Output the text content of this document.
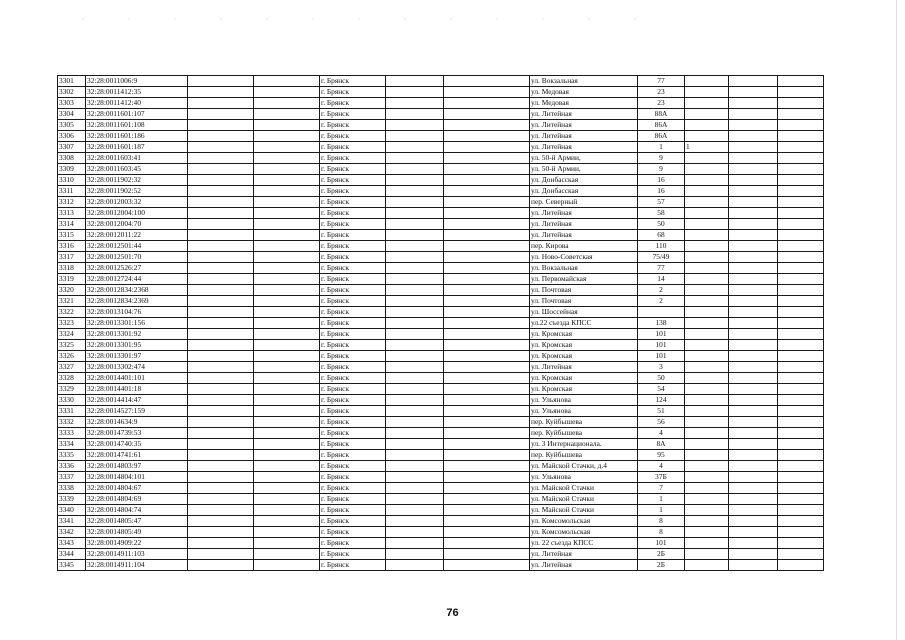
3301	32:28:0011006:9			г. Брянск			ул. Вокзальная	77			
3302	32:28:0011412:35			г. Брянск			ул. Медовая	23			
3303	32:28:0011412:40			г. Брянск			ул. Медовая	23			
3304	32:28:0011601:107			г. Брянск			ул. Литейная	88А			
3305	32:28:0011601:108			г. Брянск			ул. Литейная	86А			
3306	32:28:0011601:186			г. Брянск			ул. Литейная	86А			
3307	32:28:0011601:187			г. Брянск			ул. Литейная	1	1		
3308	32:28:0011603:41			г. Брянск			ул. 50-й Армии,	9			
3309	32:28:0011603:45			г. Брянск			ул. 50-й Армии,	9			
3310	32:28:0011902:32			г. Брянск			ул. Донбасская	16			
3311	32:28:0011902:52			г. Брянск			ул. Донбасская	16			
3312	32:28:0012003:32			г. Брянск			пер. Северный	57			
3313	32:28:0012004:100			г. Брянск			ул. Литейная	58			
3314	32:28:0012004:70			г. Брянск			ул. Литейная	50			
3315	32:28:0012011:22			г. Брянск			ул. Литейная	68			
3316	32:28:0012501:44			г. Брянск			пер. Кирова	110			
3317	32:28:0012501:70			г. Брянск			ул. Ново-Советская	75/49			
3318	32:28:0012526:27			г. Брянск			ул. Вокзальная	77			
3319	32:28:0012724:44			г. Брянск			ул. Первомайская	14			
3320	32:28:0012834:2368			г. Брянск			ул. Почтовая	2			
3321	32:28:0012834:2369			г. Брянск			ул. Почтовая	2			
3322	32:28:0013104:76			г. Брянск			ул. Шоссейная				
3323	32:28:0013301:156			г. Брянск			ул.22 съезда КПСС	138			
3324	32:28:0013301:92			г. Брянск			ул. Кромская	101			
3325	32:28:0013301:95			г. Брянск			ул. Кромская	101			
3326	32:28:0013301:97			г. Брянск			ул. Кромская	101			
3327	32:28:0013302:474			г. Брянск			ул. Литейная	3			
3328	32:28:0014401:101			г. Брянск			ул. Кромская	50			
3329	32:28:0014401:18			г. Брянск			ул. Кромская	54			
3330	32:28:0014414:47			г. Брянск			ул. Ульянова	124			
3331	32:28:0014527:159			г. Брянск			ул. Ульянова	51			
3332	32:28:0014634:9			г. Брянск			пер. Куйбышева	56			
3333	32:28:0014739:53			г. Брянск			пер. Куйбышева	4			
3334	32:28:0014740:35			г. Брянск			ул. 3 Интернационала.	8А			
3335	32:28:0014741:61			г. Брянск			пер. Куйбышева	95			
3336	32:28:0014803:97			г. Брянск			ул. Майской Стачки, д.4	4			
3337	32:28:0014804:101			г. Брянск			ул. Ульянова	37Б			
3338	32:28:0014804:67			г. Брянск			ул. Майской Стачки	7			
3339	32:28:0014804:69			г. Брянск			ул. Майской Стачки	1			
3340	32:28:0014804:74			г. Брянск			ул. Майской Стачки	1			
3341	32:28:0014805:47			г. Брянск			ул. Комсомольская	8			
3342	32:28:0014805:49			г. Брянск			ул. Комсомольская	8			
3343	32:28:0014909:22			г. Брянск			ул. 22 съезда КПСС	101			
3344	32:28:0014911:103			г. Брянск			ул. Литейная	2Б			
3345	32:28:0014911:104			г. Брянск			ул. Литейная	2Б			
76
